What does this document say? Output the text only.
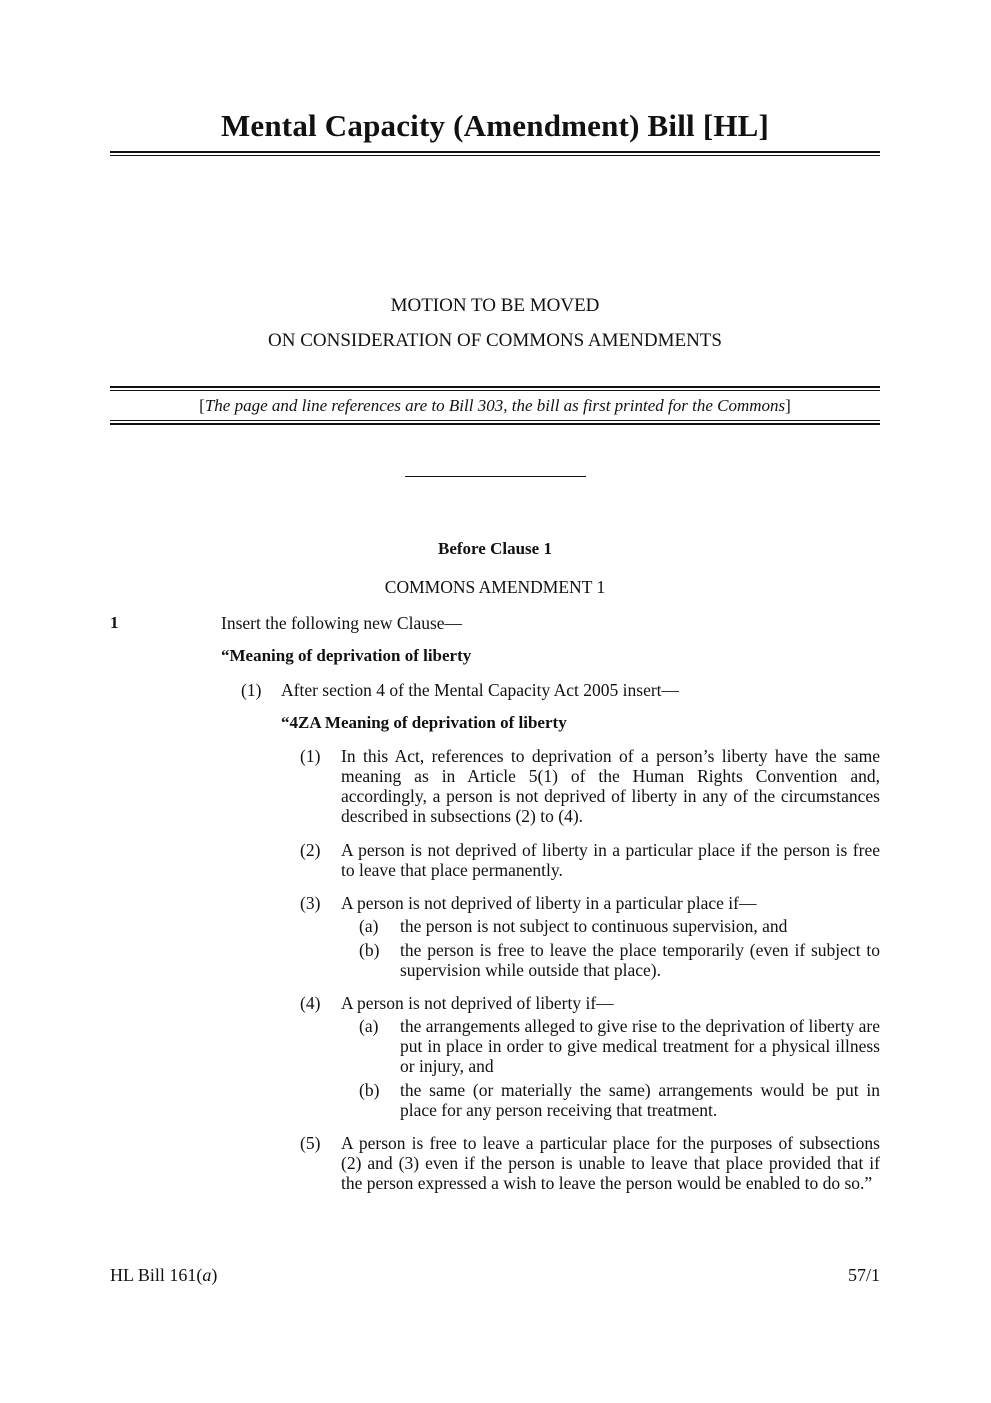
Mental Capacity (Amendment) Bill [HL]
MOTION TO BE MOVED
ON CONSIDERATION OF COMMONS AMENDMENTS
[The page and line references are to Bill 303, the bill as first printed for the Commons]
Before Clause 1
COMMONS AMENDMENT 1
1	Insert the following new Clause—
“Meaning of deprivation of liberty
(1) After section 4 of the Mental Capacity Act 2005 insert—
“4ZA Meaning of deprivation of liberty
(1) In this Act, references to deprivation of a person’s liberty have the same meaning as in Article 5(1) of the Human Rights Convention and, accordingly, a person is not deprived of liberty in any of the circumstances described in subsections (2) to (4).
(2) A person is not deprived of liberty in a particular place if the person is free to leave that place permanently.
(3) A person is not deprived of liberty in a particular place if—
(a) the person is not subject to continuous supervision, and
(b) the person is free to leave the place temporarily (even if subject to supervision while outside that place).
(4) A person is not deprived of liberty if—
(a) the arrangements alleged to give rise to the deprivation of liberty are put in place in order to give medical treatment for a physical illness or injury, and
(b) the same (or materially the same) arrangements would be put in place for any person receiving that treatment.
(5) A person is free to leave a particular place for the purposes of subsections (2) and (3) even if the person is unable to leave that place provided that if the person expressed a wish to leave the person would be enabled to do so.”
HL Bill 161(a)	57/1
